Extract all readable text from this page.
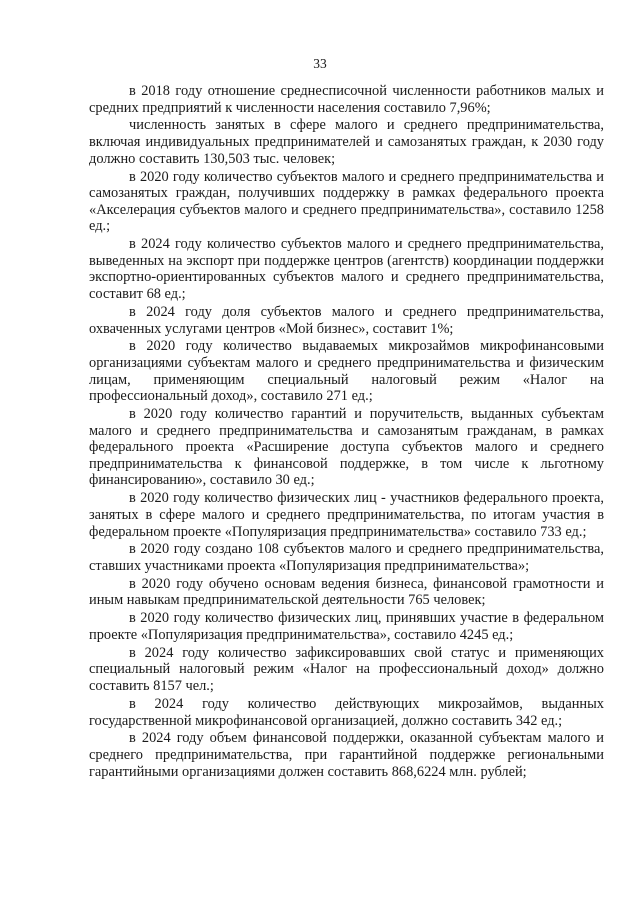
33

в 2018 году отношение среднесписочной численности работников малых и средних предприятий к численности населения составило 7,96%;

численность занятых в сфере малого и среднего предпринимательства, включая индивидуальных предпринимателей и самозанятых граждан, к 2030 году должно составить 130,503 тыс. человек;

в 2020 году количество субъектов малого и среднего предпринимательства и самозанятых граждан, получивших поддержку в рамках федерального проекта «Акселерация субъектов малого и среднего предпринимательства», составило 1258 ед.;

в 2024 году количество субъектов малого и среднего предпринимательства, выведенных на экспорт при поддержке центров (агентств) координации поддержки экспортно-ориентированных субъектов малого и среднего предпринимательства, составит 68 ед.;

в 2024 году доля субъектов малого и среднего предпринимательства, охваченных услугами центров «Мой бизнес», составит 1%;

в 2020 году количество выдаваемых микрозаймов микрофинансовыми организациями субъектам малого и среднего предпринимательства и физическим лицам, применяющим специальный налоговый режим «Налог на профессиональный доход», составило 271 ед.;

в 2020 году количество гарантий и поручительств, выданных субъектам малого и среднего предпринимательства и самозанятым гражданам, в рамках федерального проекта «Расширение доступа субъектов малого и среднего предпринимательства к финансовой поддержке, в том числе к льготному финансированию», составило 30 ед.;

в 2020 году количество физических лиц - участников федерального проекта, занятых в сфере малого и среднего предпринимательства, по итогам участия в федеральном проекте «Популяризация предпринимательства» составило 733 ед.;

в 2020 году создано 108 субъектов малого и среднего предпринимательства, ставших участниками проекта «Популяризация предпринимательства»;

в 2020 году обучено основам ведения бизнеса, финансовой грамотности и иным навыкам предпринимательской деятельности 765 человек;

в 2020 году количество физических лиц, принявших участие в федеральном проекте «Популяризация предпринимательства», составило 4245 ед.;

в 2024 году количество зафиксировавших свой статус и применяющих специальный налоговый режим «Налог на профессиональный доход» должно составить 8157 чел.;

в 2024 году количество действующих микрозаймов, выданных государственной микрофинансовой организацией, должно составить 342 ед.;

в 2024 году объем финансовой поддержки, оказанной субъектам малого и среднего предпринимательства, при гарантийной поддержке региональными гарантийными организациями должен составить 868,6224 млн. рублей;
